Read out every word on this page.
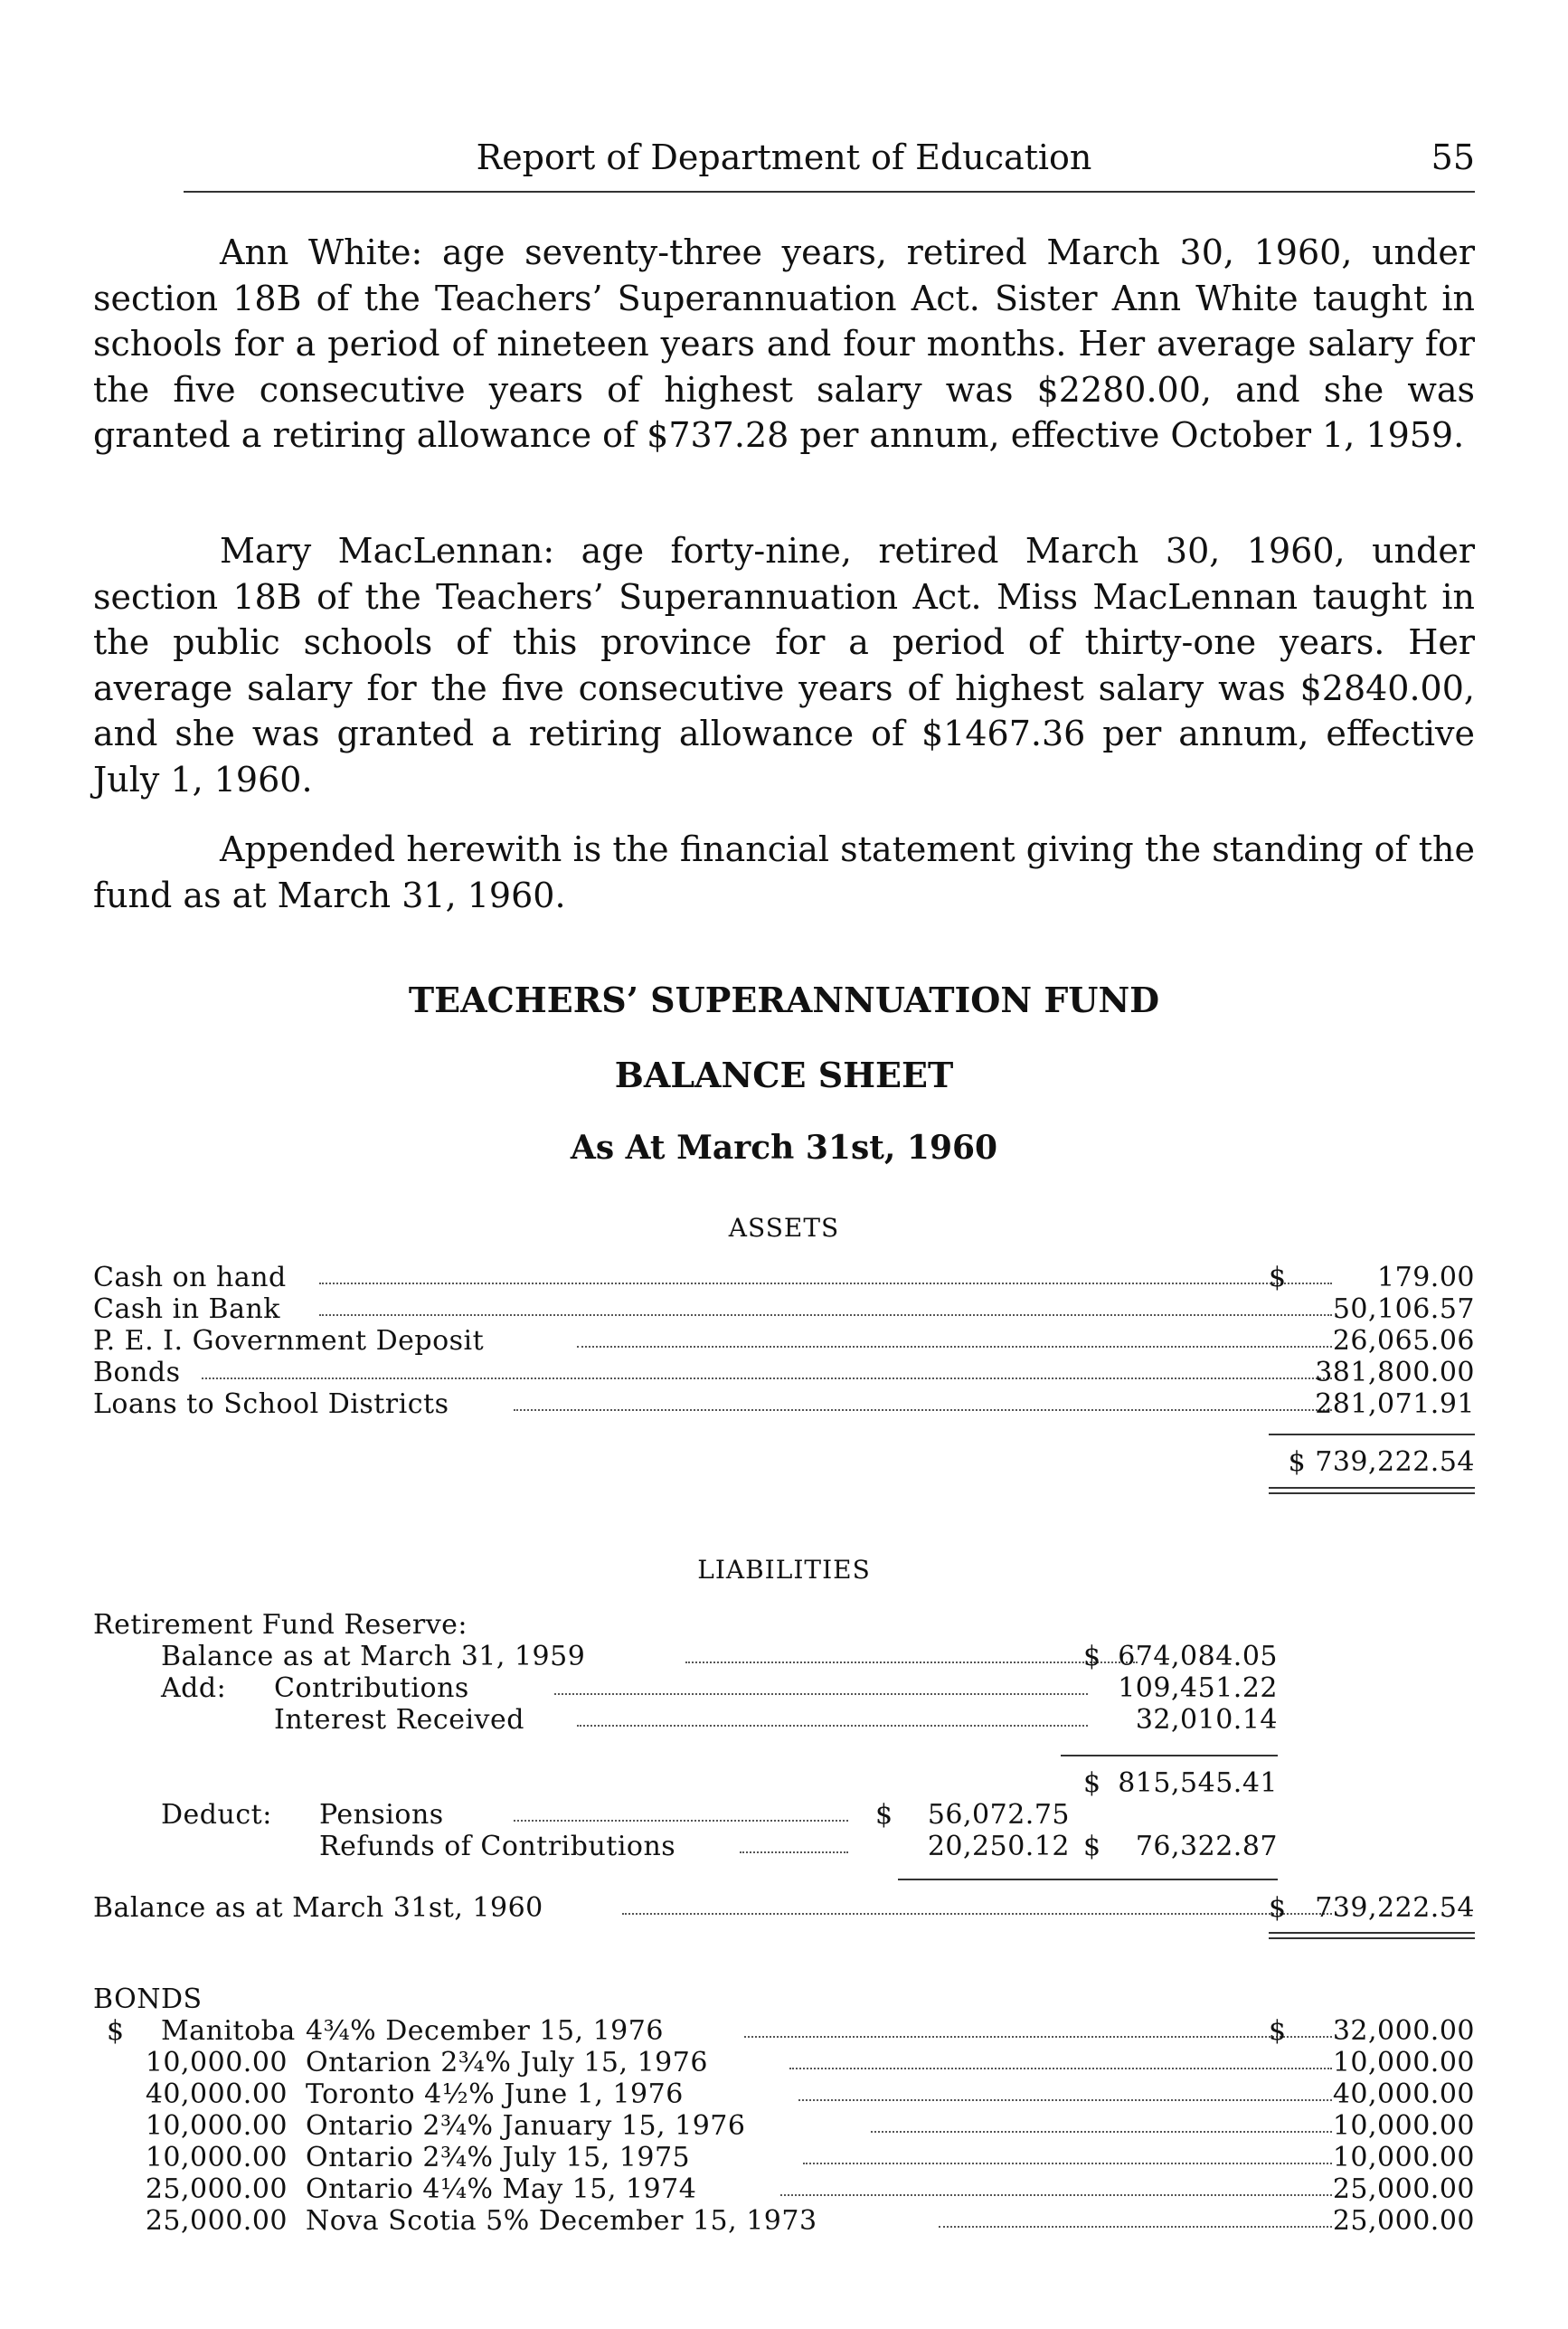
Report of Department of Education	55

Ann White: age seventy-three years, retired March 30, 1960, under section 18B of the Teachers’ Superannuation Act. Sister Ann White taught in schools for a period of nineteen years and four months. Her average salary for the five consecutive years of highest salary was $2280.00, and she was granted a retiring allowance of $737.28 per annum, effective October 1, 1959.

Mary MacLennan: age forty-nine, retired March 30, 1960, under section 18B of the Teachers’ Superannuation Act. Miss MacLennan taught in the public schools of this province for a period of thirty-one years. Her average salary for the five consecutive years of highest salary was $2840.00, and she was granted a retiring allowance of $1467.36 per annum, effective July 1, 1960.

Appended herewith is the financial statement giving the standing of the fund as at March 31, 1960.

TEACHERS’ SUPERANNUATION FUND

BALANCE SHEET

As At March 31st, 1960

ASSETS

Cash on hand	$	179.00
Cash in Bank	50,106.57
P. E. I. Government Deposit	26,065.06
Bonds	381,800.00
Loans to School Districts	281,071.91
$ 739,222.54

LIABILITIES

Retirement Fund Reserve:
Balance as at March 31, 1959	$ 674,084.05
Add: Contributions	109,451.22
Interest Received	32,010.14
$ 815,545.41
Deduct: Pensions	$	56,072.75
Refunds of Contributions	20,250.12 $	76,322.87
Balance as at March 31st, 1960	$	739,222.54
BONDS
$ Manitoba 4¾% December 15, 1976	$	32,000.00
10,000.00 Ontarion 2¾% July 15, 1976	10,000.00
40,000.00 Toronto 4½% June 1, 1976	40,000.00
10,000.00 Ontario 2¾% January 15, 1976	10,000.00
10,000.00 Ontario 2¾% July 15, 1975	10,000.00
25,000.00 Ontario 4¼% May 15, 1974	25,000.00
25,000.00 Nova Scotia 5% December 15, 1973	25,000.00
